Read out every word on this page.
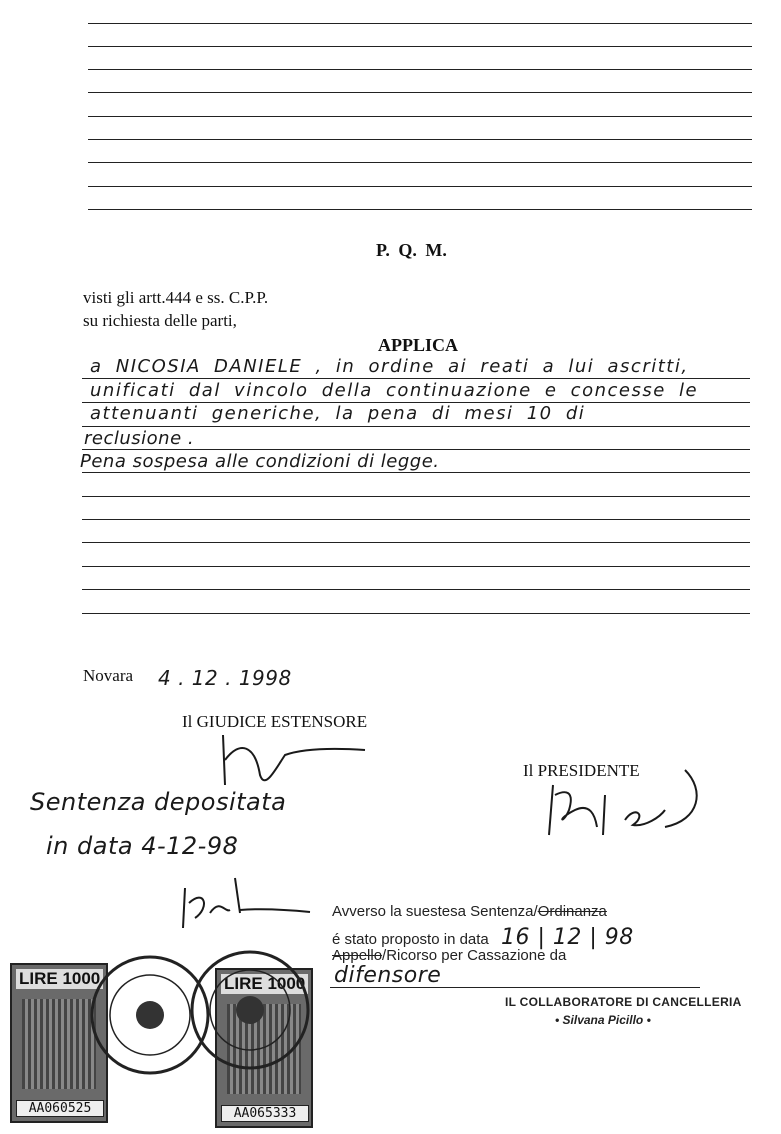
P. Q. M.
visti gli artt.444 e ss. C.P.P.
su richiesta delle parti,
APPLICA
a NICOSIA DANIELE , in ordine ai reati a lui ascritti, unificati dal vincolo della continuazione e concesse le attenuanti generiche, la pena di mesi 10 di
reclusione .
Pena sospesa alle condizioni di legge.
Novara 4 . 12 . 1998
Il GIUDICE ESTENSORE
Il PRESIDENTE
Sentenza depositata
in data 4-12-98
Avverso la suestesa Sentenza/Ordinanza
é stato proposto in data 16 | 12 | 98
Appello/Ricorso per Cassazione da
difensore
IL COLLABORATORE DI CANCELLERIA
• Silvana Picillo •
LIRE 1000
AA060525
LIRE 1000
AA065333
